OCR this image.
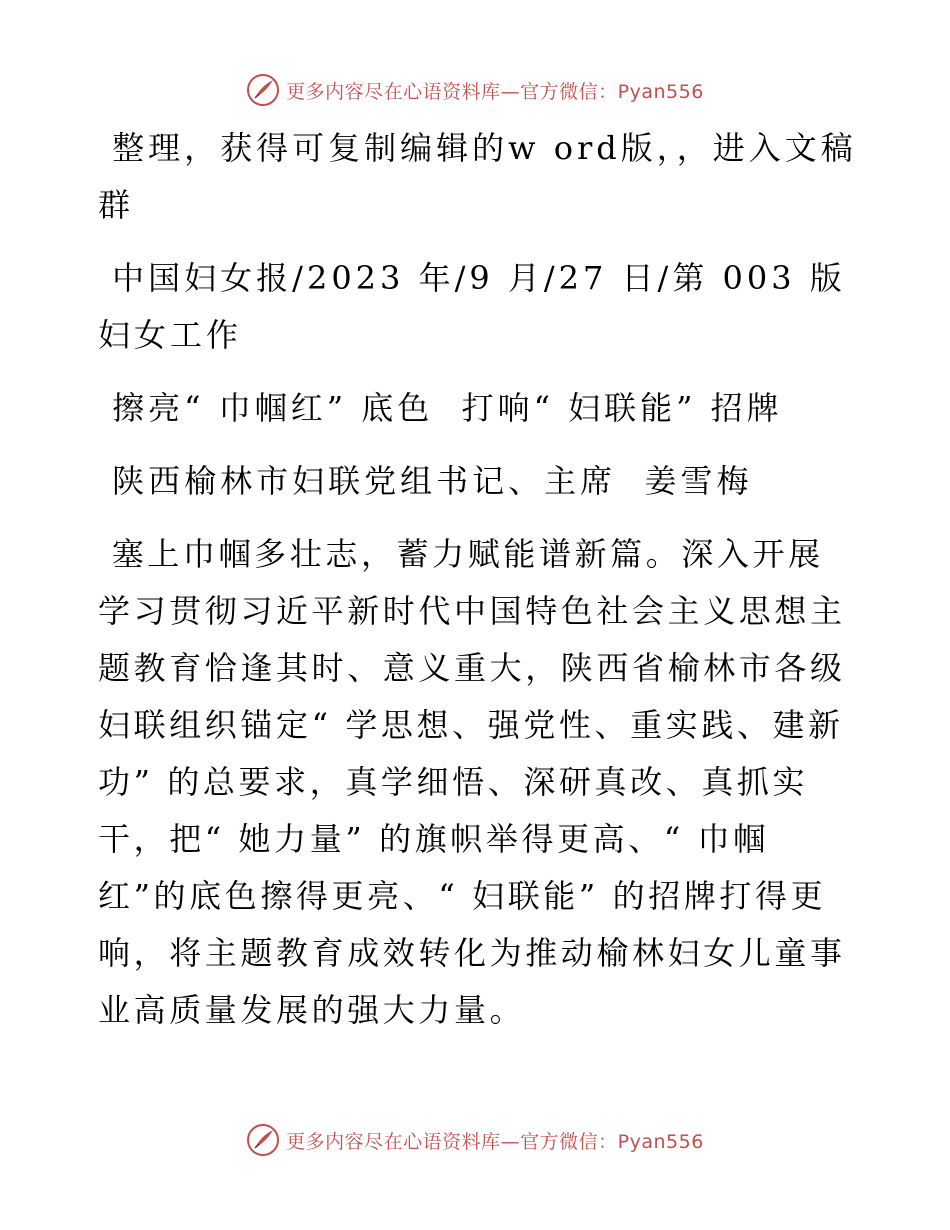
更多内容尽在心语资料库—官方微信：Pyan556

整理，获得可复制编辑的w ord版，，进入文稿群

中国妇女报/2023 年/9 月/27 日/第 003 版妇女工作

擦亮“ 巾帼红” 底色  打响“ 妇联能” 招牌

陕西榆林市妇联党组书记、主席  姜雪梅

塞上巾帼多壮志，蓄力赋能谱新篇。深入开展学习贯彻习近平新时代中国特色社会主义思想主题教育恰逢其时、意义重大，陕西省榆林市各级妇联组织锚定“ 学思想、强党性、重实践、建新功” 的总要求，真学细悟、深研真改、真抓实干，把“ 她力量” 的旗帜举得更高、“ 巾帼红”的底色擦得更亮、“ 妇联能” 的招牌打得更响，将主题教育成效转化为推动榆林妇女儿童事业高质量发展的强大力量。

更多内容尽在心语资料库—官方微信：Pyan556
